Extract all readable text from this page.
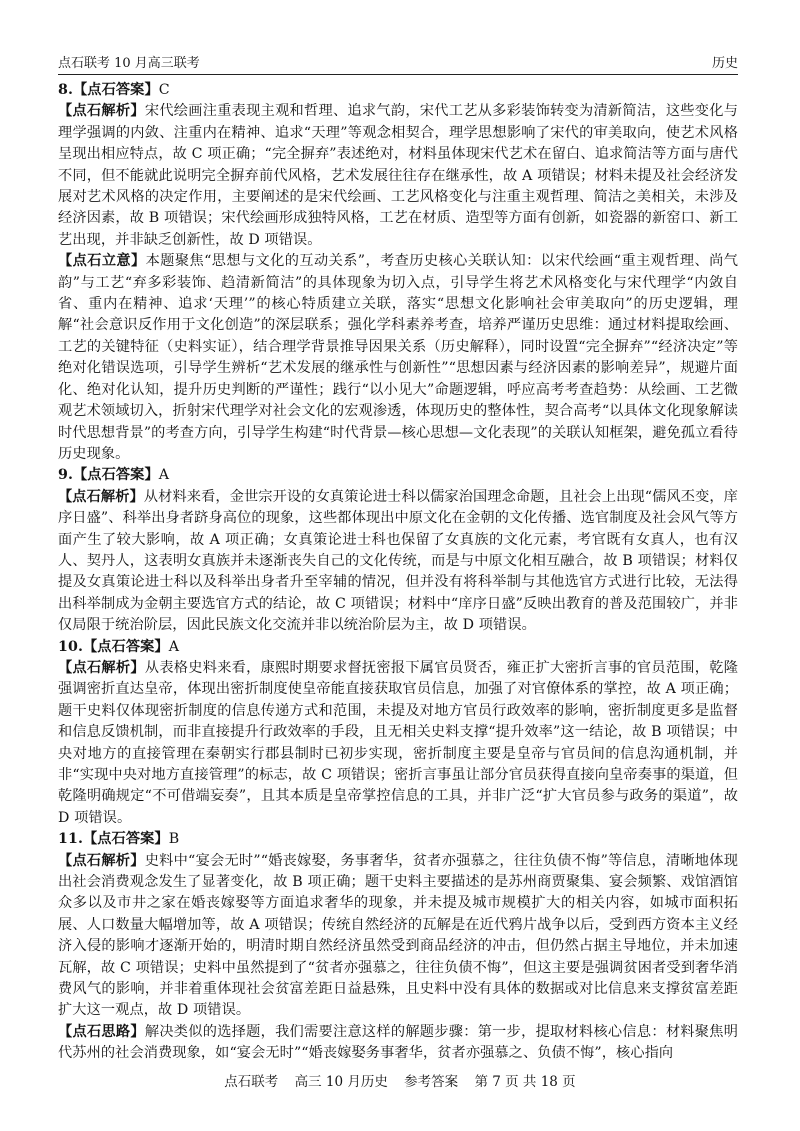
点石联考 10 月高三联考	历史

8.【点石答案】C

【点石解析】宋代绘画注重表现主观和哲理、追求气韵，宋代工艺从多彩装饰转变为清新简洁，这些变化与理学强调的内敛、注重内在精神、追求“天理”等观念相契合，理学思想影响了宋代的审美取向，使艺术风格呈现出相应特点，故 C 项正确；“完全摒弃”表述绝对，材料虽体现宋代艺术在留白、追求简洁等方面与唐代不同，但不能就此说明完全摒弃前代风格，艺术发展往往存在继承性，故 A 项错误；材料未提及社会经济发展对艺术风格的决定作用，主要阐述的是宋代绘画、工艺风格变化与注重主观哲理、简洁之美相关，未涉及经济因素，故 B 项错误；宋代绘画形成独特风格，工艺在材质、造型等方面有创新，如瓷器的新窑口、新工艺出现，并非缺乏创新性，故 D 项错误。

【点石立意】本题聚焦“思想与文化的互动关系”，考查历史核心关联认知：以宋代绘画“重主观哲理、尚气韵”与工艺“弃多彩装饰、趋清新简洁”的具体现象为切入点，引导学生将艺术风格变化与宋代理学“内敛自省、重内在精神、追求‘天理’”的核心特质建立关联，落实“思想文化影响社会审美取向”的历史逻辑，理解“社会意识反作用于文化创造”的深层联系；强化学科素养考查，培养严谨历史思维：通过材料提取绘画、工艺的关键特征（史料实证），结合理学背景推导因果关系（历史解释），同时设置“完全摒弃”“经济决定”等绝对化错误选项，引导学生辨析“艺术发展的继承性与创新性”“思想因素与经济因素的影响差异”，规避片面化、绝对化认知，提升历史判断的严谨性；践行“以小见大”命题逻辑，呼应高考考查趋势：从绘画、工艺微观艺术领域切入，折射宋代理学对社会文化的宏观渗透，体现历史的整体性，契合高考“以具体文化现象解读时代思想背景”的考查方向，引导学生构建“时代背景—核心思想—文化表现”的关联认知框架，避免孤立看待历史现象。

9.【点石答案】A

【点石解析】从材料来看，金世宗开设的女真策论进士科以儒家治国理念命题，且社会上出现“儒风丕变，庠序日盛”、科举出身者跻身高位的现象，这些都体现出中原文化在金朝的文化传播、选官制度及社会风气等方面产生了较大影响，故 A 项正确；女真策论进士科也保留了女真族的文化元素，考官既有女真人，也有汉人、契丹人，这表明女真族并未逐渐丧失自己的文化传统，而是与中原文化相互融合，故 B 项错误；材料仅提及女真策论进士科以及科举出身者升至宰辅的情况，但并没有将科举制与其他选官方式进行比较，无法得出科举制成为金朝主要选官方式的结论，故 C 项错误；材料中“庠序日盛”反映出教育的普及范围较广，并非仅局限于统治阶层，因此民族文化交流并非以统治阶层为主，故 D 项错误。

10.【点石答案】A

【点石解析】从表格史料来看，康熙时期要求督抚密报下属官员贤否，雍正扩大密折言事的官员范围，乾隆强调密折直达皇帝，体现出密折制度使皇帝能直接获取官员信息，加强了对官僚体系的掌控，故 A 项正确；题干史料仅体现密折制度的信息传递方式和范围，未提及对地方官员行政效率的影响，密折制度更多是监督和信息反馈机制，而非直接提升行政效率的手段，且无相关史料支撑“提升效率”这一结论，故 B 项错误；中央对地方的直接管理在秦朝实行郡县制时已初步实现，密折制度主要是皇帝与官员间的信息沟通机制，并非“实现中央对地方直接管理”的标志，故 C 项错误；密折言事虽让部分官员获得直接向皇帝奏事的渠道，但乾隆明确规定“不可借端妄奏”，且其本质是皇帝掌控信息的工具，并非广泛“扩大官员参与政务的渠道”，故 D 项错误。

11.【点石答案】B

【点石解析】史料中“宴会无时”“婚丧嫁娶，务事奢华，贫者亦强慕之，往往负债不悔”等信息，清晰地体现出社会消费观念发生了显著变化，故 B 项正确；题干史料主要描述的是苏州商贾聚集、宴会频繁、戏馆酒馆众多以及市井之家在婚丧嫁娶等方面追求奢华的现象，并未提及城市规模扩大的相关内容，如城市面积拓展、人口数量大幅增加等，故 A 项错误；传统自然经济的瓦解是在近代鸦片战争以后，受到西方资本主义经济入侵的影响才逐渐开始的，明清时期自然经济虽然受到商品经济的冲击，但仍然占据主导地位，并未加速瓦解，故 C 项错误；史料中虽然提到了“贫者亦强慕之，往往负债不悔”，但这主要是强调贫困者受到奢华消费风气的影响，并非着重体现社会贫富差距日益悬殊，且史料中没有具体的数据或对比信息来支撑贫富差距扩大这一观点，故 D 项错误。

【点石思路】解决类似的选择题，我们需要注意这样的解题步骤：第一步，提取材料核心信息：材料聚焦明代苏州的社会消费现象，如“宴会无时”“婚丧嫁娶务事奢华，贫者亦强慕之、负债不悔”，核心指向

点石联考 高三 10 月历史 参考答案 第 7 页 共 18 页
